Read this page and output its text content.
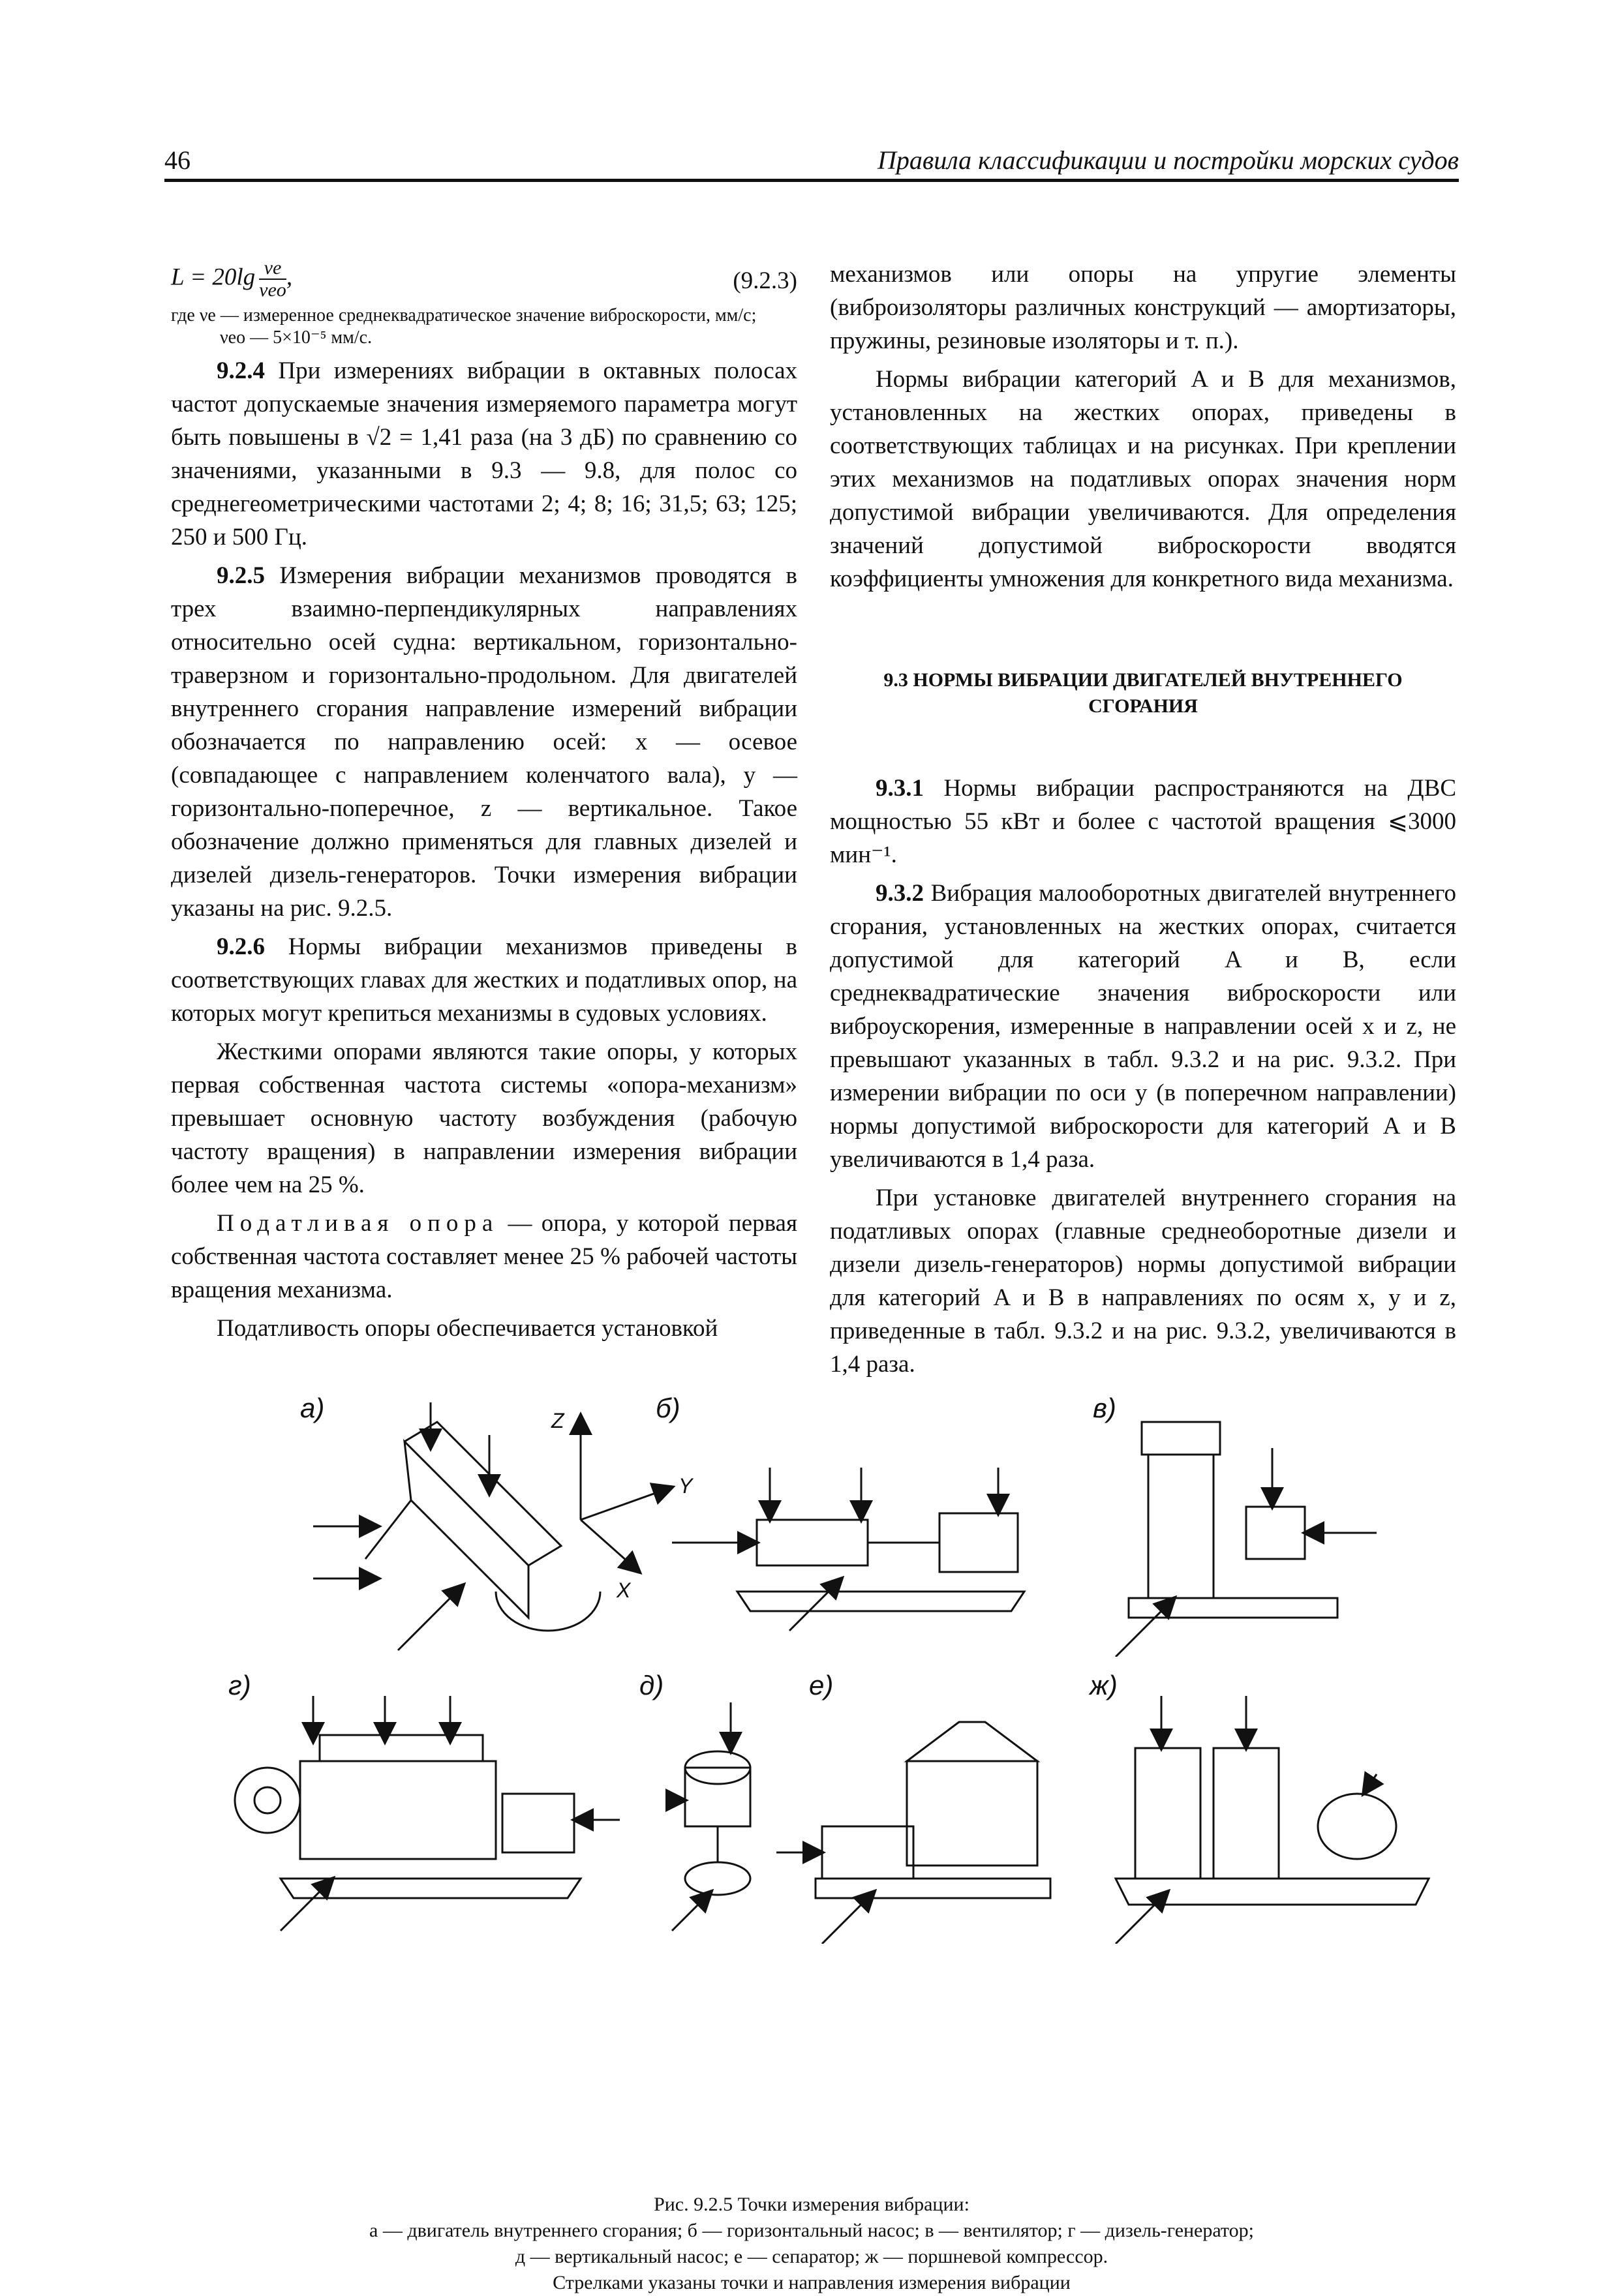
46	Правила классификации и постройки морских судов
$L = 20\lg \frac{\nu e}{\text{νeo}}$ ,	(9.2.3)

где νe — измеренное среднеквадратическое значение виброскорости, мм/с;

νeo — 5×10⁻⁵ мм/с.

9.2.4 При измерениях вибрации в октавных полосах частот допускаемые значения измеряемого параметра могут быть повышены в √2 = 1,41 раза (на 3 дБ) по сравнению со значениями, указанными в 9.3 — 9.8, для полос со среднегеометрическими частотами 2; 4; 8; 16; 31,5; 63; 125; 250 и 500 Гц.

9.2.5 Измерения вибрации механизмов проводятся в трех взаимно-перпендикулярных направлениях относительно осей судна: вертикальном, горизонтально-траверзном и горизонтально-продольном. Для двигателей внутреннего сгорания направление измерений вибрации обозначается по направлению осей: x — осевое (совпадающее с направлением коленчатого вала), y — горизонтально-поперечное, z — вертикальное. Такое обозначение должно применяться для главных дизелей и дизелей дизель-генераторов. Точки измерения вибрации указаны на рис. 9.2.5.

9.2.6 Нормы вибрации механизмов приведены в соответствующих главах для жестких и податливых опор, на которых могут крепиться механизмы в судовых условиях.

Жесткими опорами являются такие опоры, у которых первая собственная частота системы «опора-механизм» превышает основную частоту возбуждения (рабочую частоту вращения) в направлении измерения вибрации более чем на 25 %.

Податливая опора — опора, у которой первая собственная частота составляет менее 25 % рабочей частоты вращения механизма.

Податливость опоры обеспечивается установкой

механизмов или опоры на упругие элементы (виброизоляторы различных конструкций — амортизаторы, пружины, резиновые изоляторы и т. п.).

Нормы вибрации категорий A и B для механизмов, установленных на жестких опорах, приведены в соответствующих таблицах и на рисунках. При креплении этих механизмов на податливых опорах значения норм допустимой вибрации увеличиваются. Для определения значений допустимой виброскорости вводятся коэффициенты умножения для конкретного вида механизма.

9.3 НОРМЫ ВИБРАЦИИ ДВИГАТЕЛЕЙ ВНУТРЕННЕГО СГОРАНИЯ

9.3.1 Нормы вибрации распространяются на ДВС мощностью 55 кВт и более с частотой вращения ⩽3000 мин⁻¹.

9.3.2 Вибрация малооборотных двигателей внутреннего сгорания, установленных на жестких опорах, считается допустимой для категорий A и B, если среднеквадратические значения виброскорости или виброускорения, измеренные в направлении осей x и z, не превышают указанных в табл. 9.3.2 и на рис. 9.3.2. При измерении вибрации по оси y (в поперечном направлении) нормы допустимой виброскорости для категорий A и B увеличиваются в 1,4 раза.

При установке двигателей внутреннего сгорания на податливых опорах (главные среднеоборотные дизели и дизели дизель-генераторов) нормы допустимой вибрации для категорий A и B в направлениях по осям x, y и z, приведенные в табл. 9.3.2 и на рис. 9.3.2, увеличиваются в 1,4 раза.

а)	б)	в)
г)	д)	е)	ж)
Z
Y
X
Рис. 9.2.5 Точки измерения вибрации:
а — двигатель внутреннего сгорания; б — горизонтальный насос; в — вентилятор; г — дизель-генератор;
д — вертикальный насос; е — сепаратор; ж — поршневой компрессор.
Стрелками указаны точки и направления измерения вибрации
